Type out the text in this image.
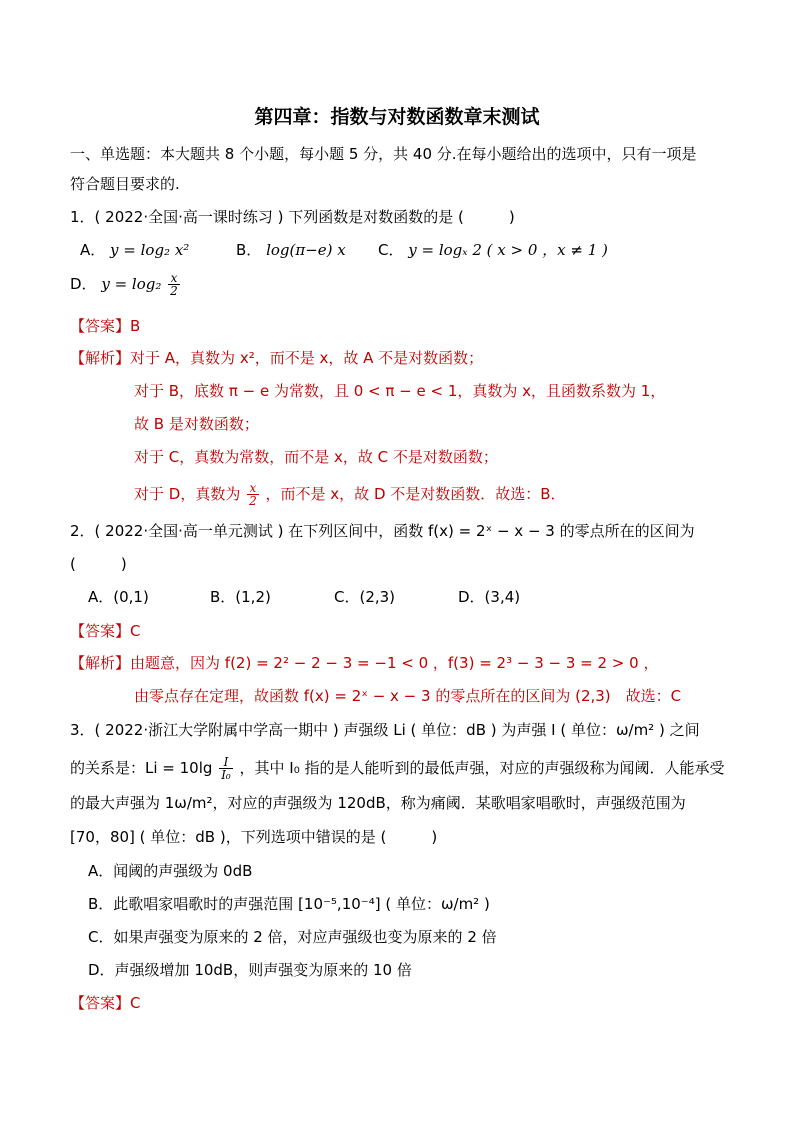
第四章：指数与对数函数章末测试
一、单选题：本大题共 8 个小题，每小题 5 分，共 40 分.在每小题给出的选项中，只有一项是
符合题目要求的.
1．( 2022·全国·高一课时练习 ) 下列函数是对数函数的是 (　　　)
A． y = log₂ x²	B． log(π−e) x C． y = logₓ 2 ( x > 0 ，x ≠ 1 )
D． $y = \log_2 \frac{x}{2}$
【答案】B
【解析】对于 A，真数为 x²，而不是 x，故 A 不是对数函数；
对于 B，底数 π − e 为常数，且 0 < π − e < 1，真数为 x，且函数系数为 1，
故 B 是对数函数；
对于 C，真数为常数，而不是 x，故 C 不是对数函数；
对于 D，真数为 $\frac{x}{2}$ ，而不是 x，故 D 不是对数函数．故选：B．
2．( 2022·全国·高一单元测试 ) 在下列区间中，函数 f(x) = 2ˣ − x − 3 的零点所在的区间为
(　　　)
A．(0,1)	B．(1,2)	C．(2,3)	D．(3,4)
【答案】C
【解析】由题意，因为 f(2) = 2² − 2 − 3 = −1 < 0 ，f(3) = 2³ − 3 − 3 = 2 > 0 ，
由零点存在定理，故函数 f(x) = 2ˣ − x − 3 的零点所在的区间为 (2,3)　故选：C
3．( 2022·浙江大学附属中学高一期中 ) 声强级 Li ( 单位：dB ) 为声强 I ( 单位：ω/m² ) 之间
的关系是：$Li = 10\lg \frac{I}{\text{I₀}}$ ，其中 I₀ 指的是人能听到的最低声强，对应的声强级称为闻阈．人能承受
的最大声强为 1ω/m²，对应的声强级为 120dB，称为痛阈．某歌唱家唱歌时，声强级范围为
[70，80] ( 单位：dB )，下列选项中错误的是 (　　　)
A．闻阈的声强级为 0dB
B．此歌唱家唱歌时的声强范围 [10⁻⁵,10⁻⁴] ( 单位：ω/m² )
C．如果声强变为原来的 2 倍，对应声强级也变为原来的 2 倍
D．声强级增加 10dB，则声强变为原来的 10 倍
【答案】C
